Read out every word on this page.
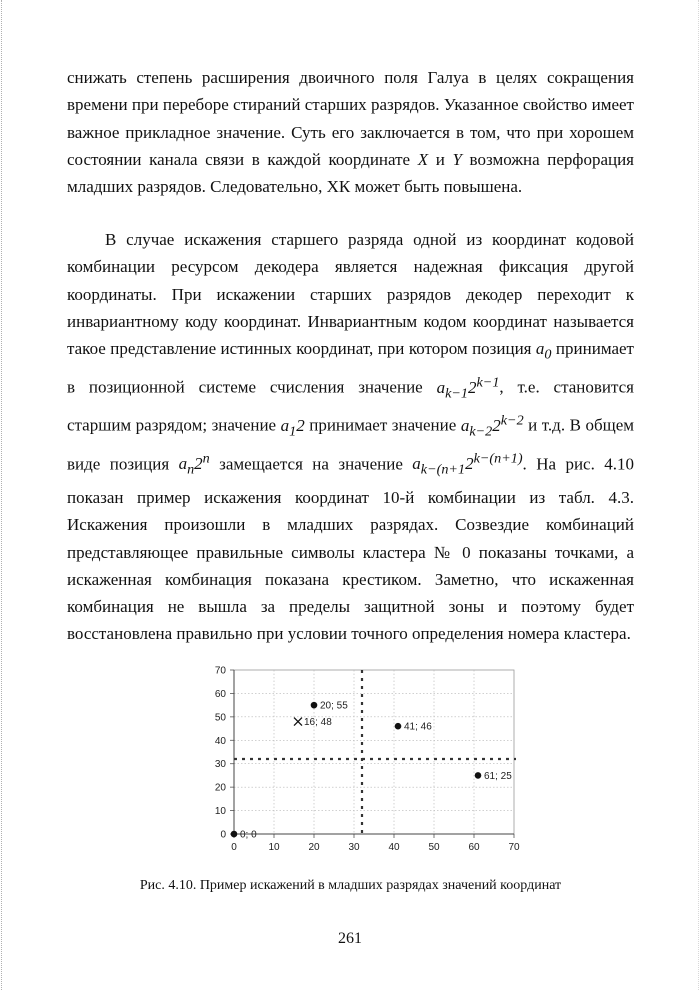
снижать степень расширения двоичного поля Галуа в целях сокращения времени при переборе стираний старших разрядов. Указанное свойство имеет важное прикладное значение. Суть его заключается в том, что при хорошем состоянии канала связи в каждой координате X и Y возможна перфорация младших разрядов. Следовательно, ХК может быть повышена.

В случае искажения старшего разряда одной из координат кодовой комбинации ресурсом декодера является надежная фиксация другой координаты. При искажении старших разрядов декодер переходит к инвариантному коду координат. Инвариантным кодом координат называется такое представление истинных координат, при котором позиция $a_0$ принимает в позиционной системе счисления значение $a_{k-1}2^{k-1}$, т.е. становится старшим разрядом; значение $a_12$ принимает значение $a_{k-2}2^{k-2}$ и т.д. В общем виде позиция $a_n2^n$ замещается на значение $a_{k-(n+1}2^{k-(n+1)}$. На рис. 4.10 показан пример искажения координат 10-й комбинации из табл. 4.3. Искажения произошли в младших разрядах. Созвездие комбинаций представляющее правильные символы кластера № 0 показаны точками, а искаженная комбинация показана крестиком. Заметно, что искаженная комбинация не вышла за пределы защитной зоны и поэтому будет восстановлена правильно при условии точного определения номера кластера.

0	10	20	30	40	50	60	70
0
10
20
30
40
50
60
70
0; 0
20; 55
41; 46
61; 25
16; 48
Рис. 4.10. Пример искажений в младших разрядах значений координат
261
